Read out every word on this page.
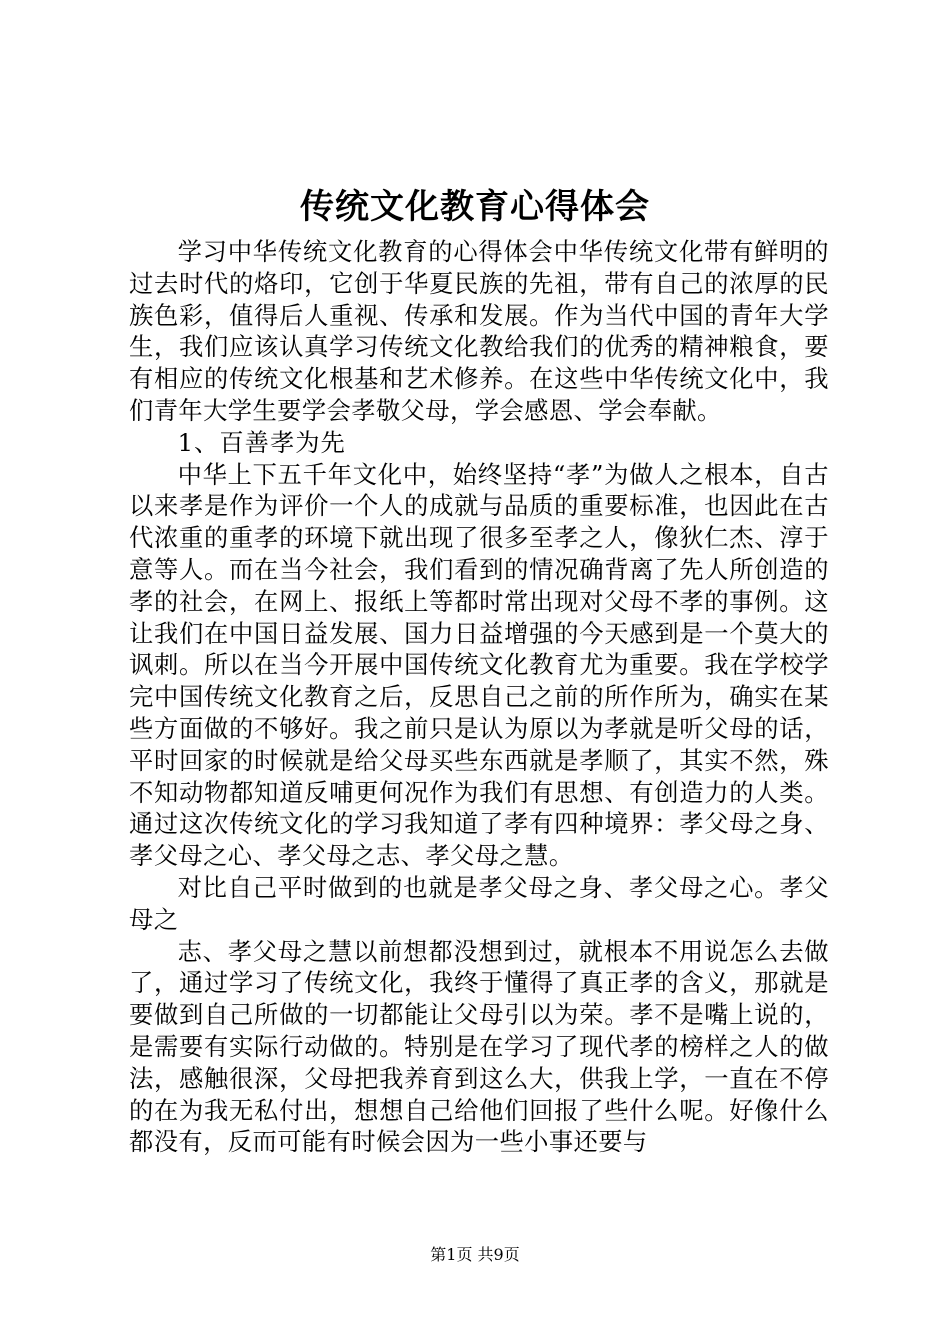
传统文化教育心得体会

学习中华传统文化教育的心得体会中华传统文化带有鲜明的过去时代的烙印，它创于华夏民族的先祖，带有自己的浓厚的民族色彩，值得后人重视、传承和发展。作为当代中国的青年大学生，我们应该认真学习传统文化教给我们的优秀的精神粮食，要有相应的传统文化根基和艺术修养。在这些中华传统文化中，我们青年大学生要学会孝敬父母，学会感恩、学会奉献。

1、百善孝为先

中华上下五千年文化中，始终坚持“孝”为做人之根本，自古以来孝是作为评价一个人的成就与品质的重要标准，也因此在古代浓重的重孝的环境下就出现了很多至孝之人，像狄仁杰、淳于意等人。而在当今社会，我们看到的情况确背离了先人所创造的孝的社会，在网上、报纸上等都时常出现对父母不孝的事例。这让我们在中国日益发展、国力日益增强的今天感到是一个莫大的讽刺。所以在当今开展中国传统文化教育尤为重要。我在学校学完中国传统文化教育之后，反思自己之前的所作所为，确实在某些方面做的不够好。我之前只是认为原以为孝就是听父母的话，平时回家的时候就是给父母买些东西就是孝顺了，其实不然，殊不知动物都知道反哺更何况作为我们有思想、有创造力的人类。通过这次传统文化的学习我知道了孝有四种境界：孝父母之身、孝父母之心、孝父母之志、孝父母之慧。

对比自己平时做到的也就是孝父母之身、孝父母之心。孝父母之

志、孝父母之慧以前想都没想到过，就根本不用说怎么去做了，通过学习了传统文化，我终于懂得了真正孝的含义，那就是要做到自己所做的一切都能让父母引以为荣。孝不是嘴上说的，是需要有实际行动做的。特别是在学习了现代孝的榜样之人的做法，感触很深，父母把我养育到这么大，供我上学，一直在不停的在为我无私付出，想想自己给他们回报了些什么呢。好像什么都没有，反而可能有时候会因为一些小事还要与

第1页 共9页
